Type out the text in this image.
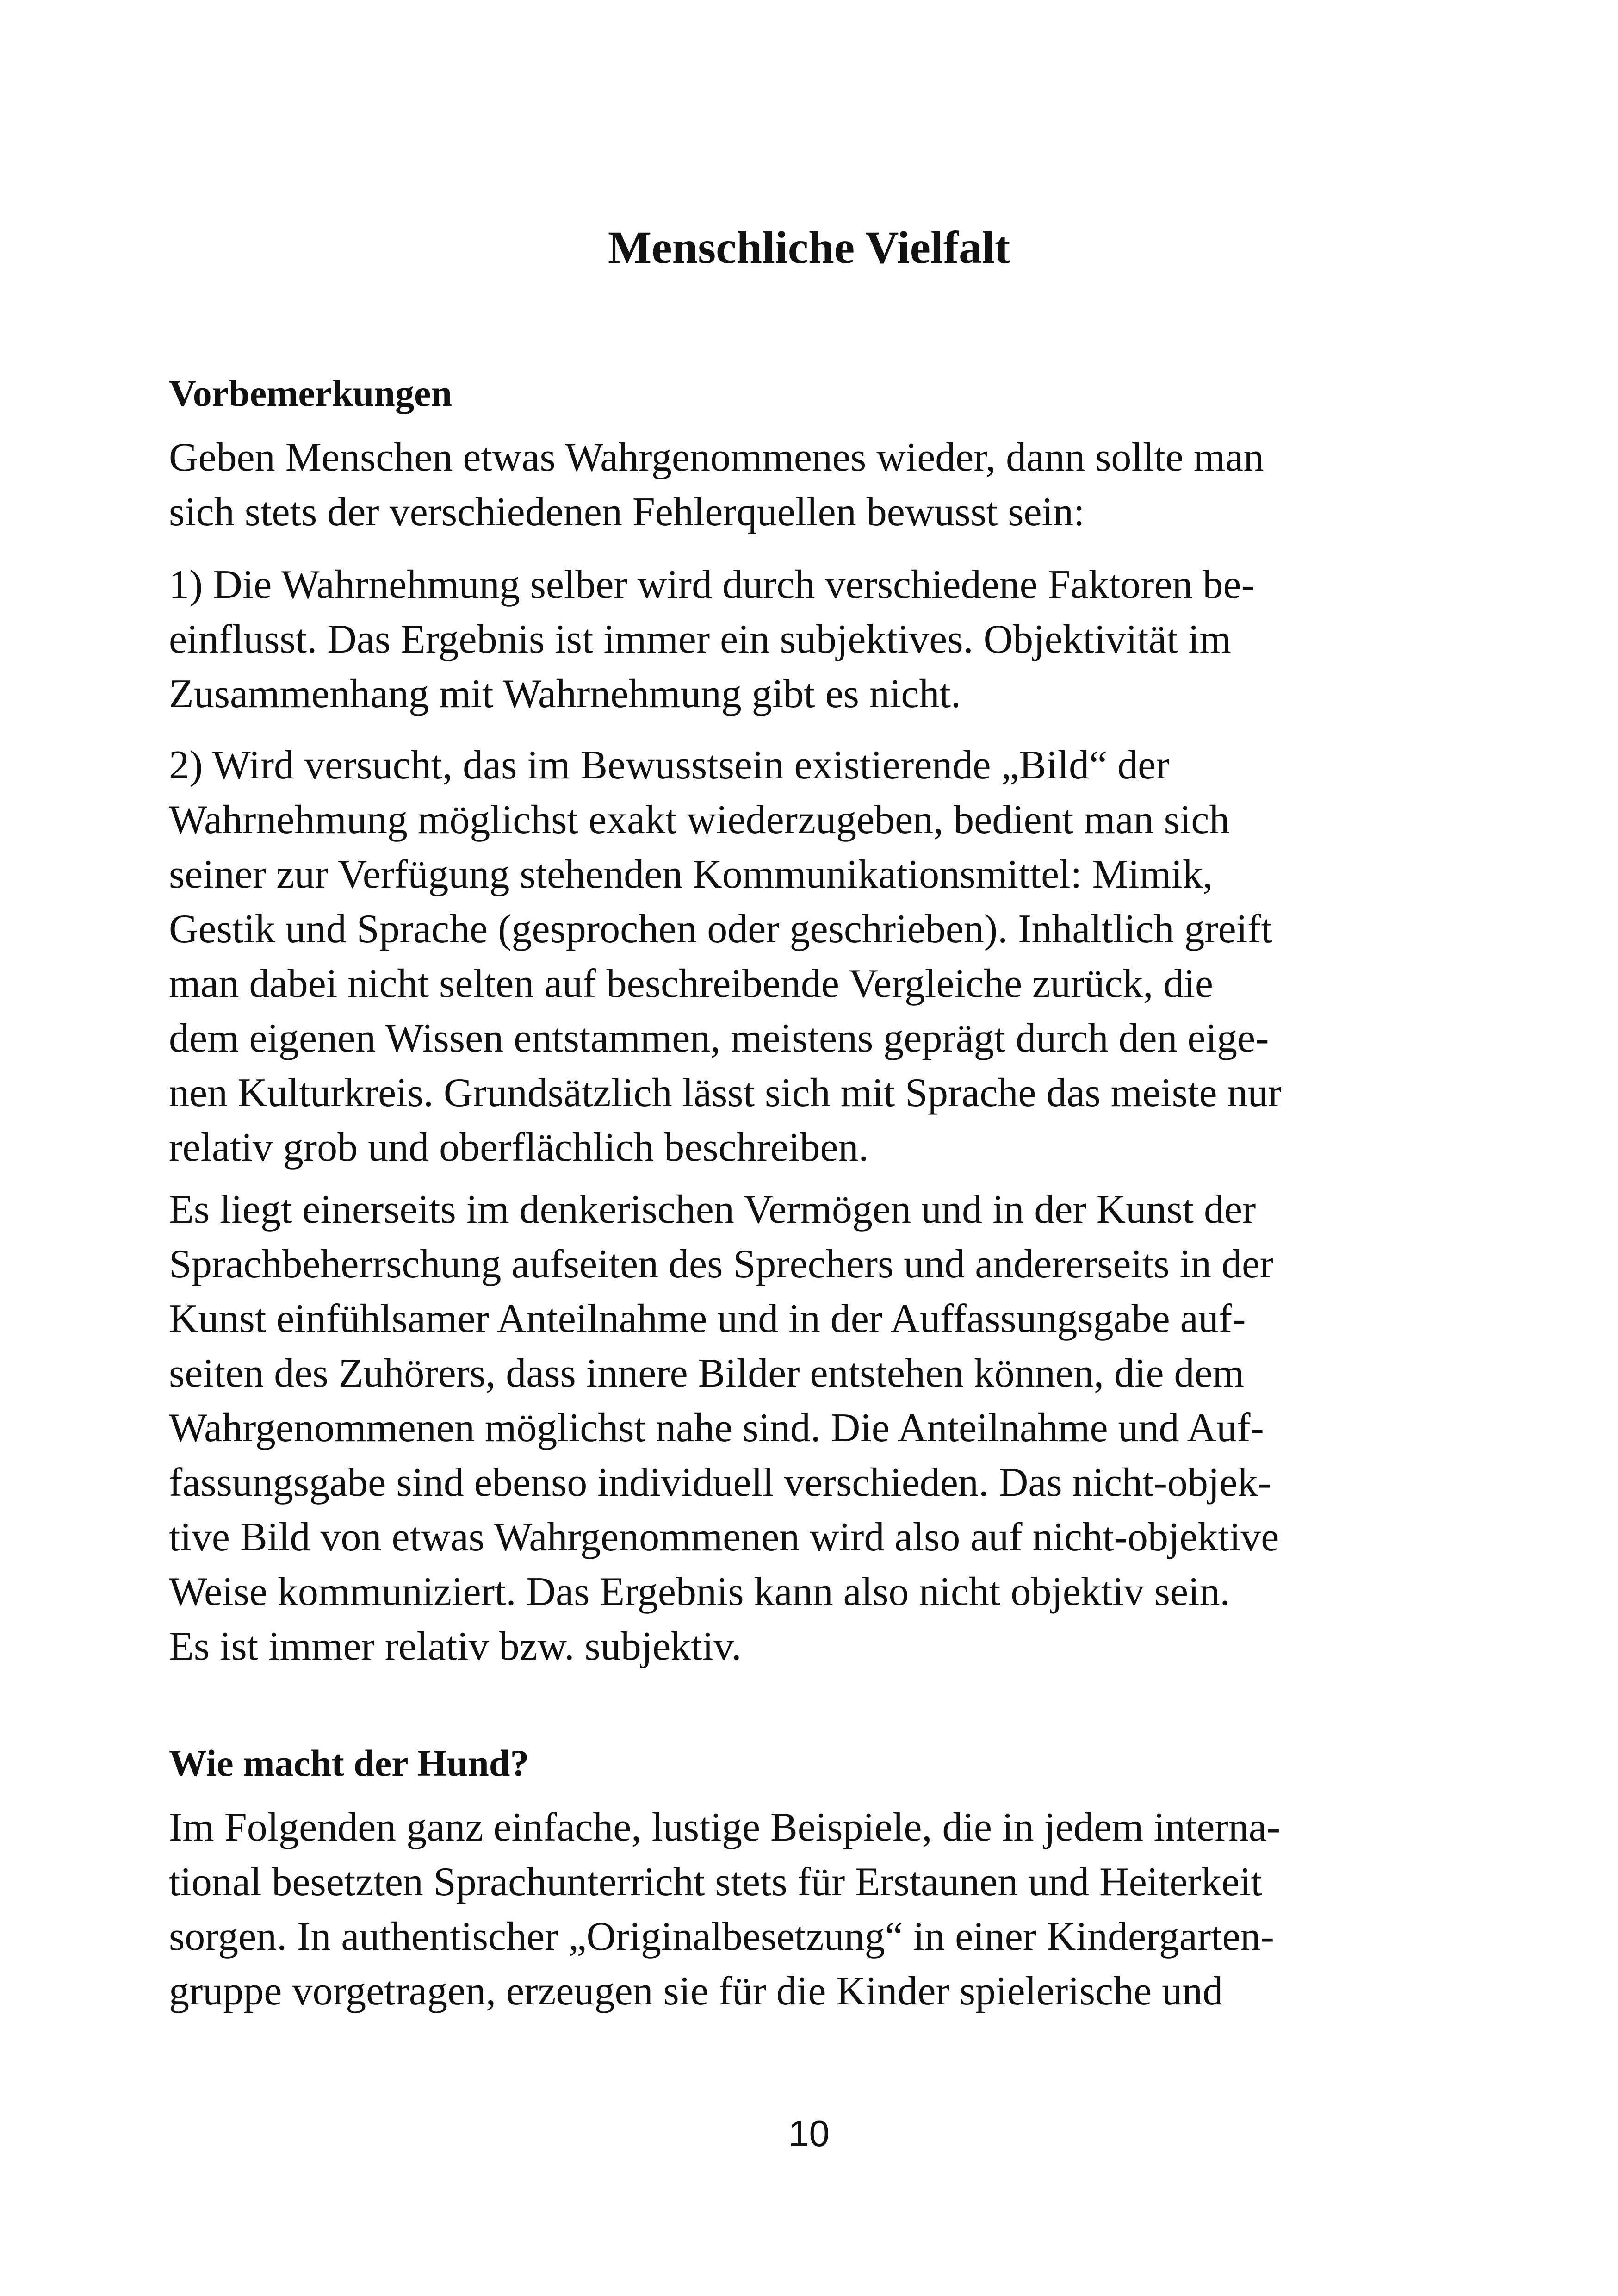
Menschliche Vielfalt
Vorbemerkungen

Geben Menschen etwas Wahrgenommenes wieder, dann sollte man
sich stets der verschiedenen Fehlerquellen bewusst sein:

1) Die Wahrnehmung selber wird durch verschiedene Faktoren be-
einflusst. Das Ergebnis ist immer ein subjektives. Objektivität im
Zusammenhang mit Wahrnehmung gibt es nicht.

2) Wird versucht, das im Bewusstsein existierende „Bild“ der
Wahrnehmung möglichst exakt wiederzugeben, bedient man sich
seiner zur Verfügung stehenden Kommunikationsmittel: Mimik,
Gestik und Sprache (gesprochen oder geschrieben). Inhaltlich greift
man dabei nicht selten auf beschreibende Vergleiche zurück, die
dem eigenen Wissen entstammen, meistens geprägt durch den eige-
nen Kulturkreis. Grundsätzlich lässt sich mit Sprache das meiste nur
relativ grob und oberflächlich beschreiben.

Es liegt einerseits im denkerischen Vermögen und in der Kunst der
Sprachbeherrschung aufseiten des Sprechers und andererseits in der
Kunst einfühlsamer Anteilnahme und in der Auffassungsgabe auf-
seiten des Zuhörers, dass innere Bilder entstehen können, die dem
Wahrgenommenen möglichst nahe sind. Die Anteilnahme und Auf-
fassungsgabe sind ebenso individuell verschieden. Das nicht-objek-
tive Bild von etwas Wahrgenommenen wird also auf nicht-objektive
Weise kommuniziert. Das Ergebnis kann also nicht objektiv sein.
Es ist immer relativ bzw. subjektiv.

Wie macht der Hund?

Im Folgenden ganz einfache, lustige Beispiele, die in jedem interna-
tional besetzten Sprachunterricht stets für Erstaunen und Heiterkeit
sorgen. In authentischer „Originalbesetzung“ in einer Kindergarten-
gruppe vorgetragen, erzeugen sie für die Kinder spielerische und

10
